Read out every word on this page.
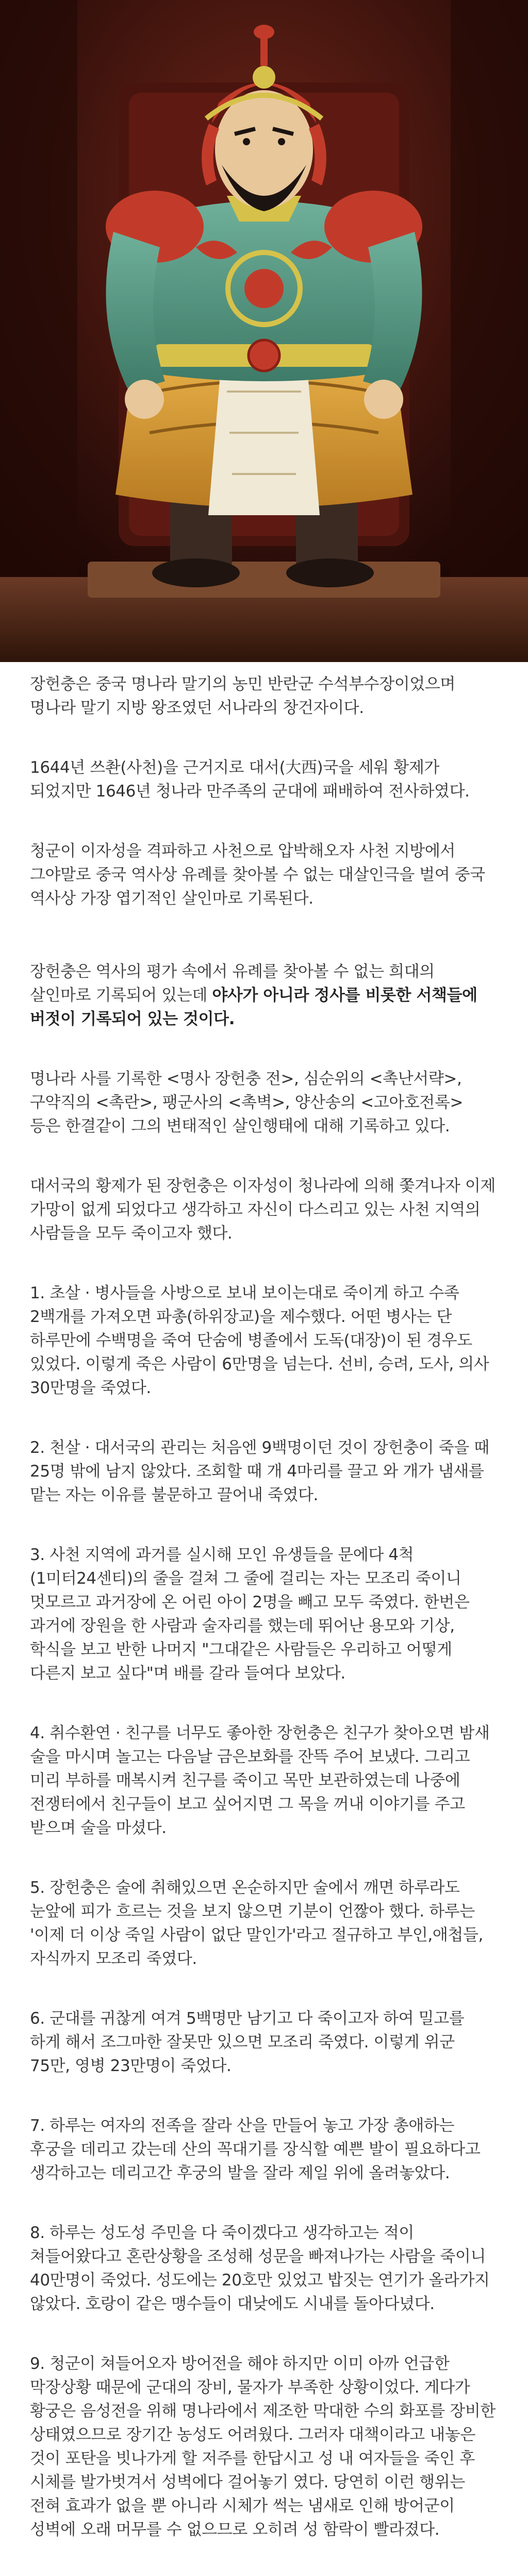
장헌충은 중국 명나라 말기의 농민 반란군 수석부수장이었으며 명나라 말기 지방 왕조였던 서나라의 창건자이다.

1644년 쓰촨(사천)을 근거지로 대서(大西)국을 세워 황제가 되었지만 1646년 청나라 만주족의 군대에 패배하여 전사하였다.

청군이 이자성을 격파하고 사천으로 압박해오자 사천 지방에서 그야말로 중국 역사상 유례를 찾아볼 수 없는 대살인극을 벌여 중국 역사상 가장 엽기적인 살인마로 기록된다.

장헌충은 역사의 평가 속에서 유례를 찾아볼 수 없는 희대의 살인마로 기록되어 있는데 야사가 아니라 정사를 비롯한 서책들에 버젓이 기록되어 있는 것이다.

명나라 사를 기록한 <명사 장헌충 전>, 심순위의 <촉난서략>, 구약직의 <촉란>, 팽군사의 <촉벽>, 양산송의 <고아호전록> 등은 한결같이 그의 변태적인 살인행태에 대해 기록하고 있다.

대서국의 황제가 된 장헌충은 이자성이 청나라에 의해 쫓겨나자 이제 가망이 없게 되었다고 생각하고 자신이 다스리고 있는 사천 지역의 사람들을 모두 죽이고자 했다.

1. 초살 · 병사들을 사방으로 보내 보이는대로 죽이게 하고 수족 2백개를 가져오면 파총(하위장교)을 제수했다. 어떤 병사는 단 하루만에 수백명을 죽여 단숨에 병졸에서 도독(대장)이 된 경우도 있었다. 이렇게 죽은 사람이 6만명을 넘는다. 선비, 승려, 도사, 의사 30만명을 죽였다.

2. 천살 · 대서국의 관리는 처음엔 9백명이던 것이 장헌충이 죽을 때 25명 밖에 남지 않았다. 조회할 때 개 4마리를 끌고 와 개가 냄새를 맡는 자는 이유를 불문하고 끌어내 죽였다.

3. 사천 지역에 과거를 실시해 모인 유생들을 문에다 4척(1미터24센티)의 줄을 걸쳐 그 줄에 걸리는 자는 모조리 죽이니 멋모르고 과거장에 온 어린 아이 2명을 빼고 모두 죽였다. 한번은 과거에 장원을 한 사람과 술자리를 했는데 뛰어난 용모와 기상, 학식을 보고 반한 나머지 "그대같은 사람들은 우리하고 어떻게 다른지 보고 싶다"며 배를 갈라 들여다 보았다.

4. 취수환연 · 친구를 너무도 좋아한 장헌충은 친구가 찾아오면 밤새 술을 마시며 놀고는 다음날 금은보화를 잔뜩 주어 보냈다. 그리고 미리 부하를 매복시켜 친구를 죽이고 목만 보관하였는데 나중에 전쟁터에서 친구들이 보고 싶어지면 그 목을 꺼내 이야기를 주고 받으며 술을 마셨다.

5. 장헌충은 술에 취해있으면 온순하지만 술에서 깨면 하루라도 눈앞에 피가 흐르는 것을 보지 않으면 기분이 언짢아 했다. 하루는 '이제 더 이상 죽일 사람이 없단 말인가'라고 절규하고 부인,애첩들,자식까지 모조리 죽였다.

6. 군대를 귀찮게 여겨 5백명만 남기고 다 죽이고자 하여 밀고를 하게 해서 조그마한 잘못만 있으면 모조리 죽였다. 이렇게 위군 75만, 영병 23만명이 죽었다.

7. 하루는 여자의 전족을 잘라 산을 만들어 놓고 가장 총애하는 후궁을 데리고 갔는데 산의 꼭대기를 장식할 예쁜 발이 필요하다고 생각하고는 데리고간 후궁의 발을 잘라 제일 위에 올려놓았다.

8. 하루는 성도성 주민을 다 죽이겠다고 생각하고는 적이 쳐들어왔다고 혼란상황을 조성해 성문을 빠져나가는 사람을 죽이니 40만명이 죽었다. 성도에는 20호만 있었고 밥짓는 연기가 올라가지 않았다. 호랑이 같은 맹수들이 대낮에도 시내를 돌아다녔다.

9. 청군이 쳐들어오자 방어전을 해야 하지만 이미 아까 언급한 막장상황 때문에 군대의 장비, 물자가 부족한 상황이었다. 게다가 황궁은 음성전을 위해 명나라에서 제조한 막대한 수의 화포를 장비한 상태였으므로 장기간 농성도 어려웠다. 그러자 대책이라고 내놓은 것이 포탄을 빗나가게 할 저주를 한답시고 성 내 여자들을 죽인 후 시체를 발가벗겨서 성벽에다 걸어놓기 였다. 당연히 이런 행위는 전혀 효과가 없을 뿐 아니라 시체가 썩는 냄새로 인해 방어군이 성벽에 오래 머무를 수 없으므로 오히려 성 함락이 빨라졌다.
